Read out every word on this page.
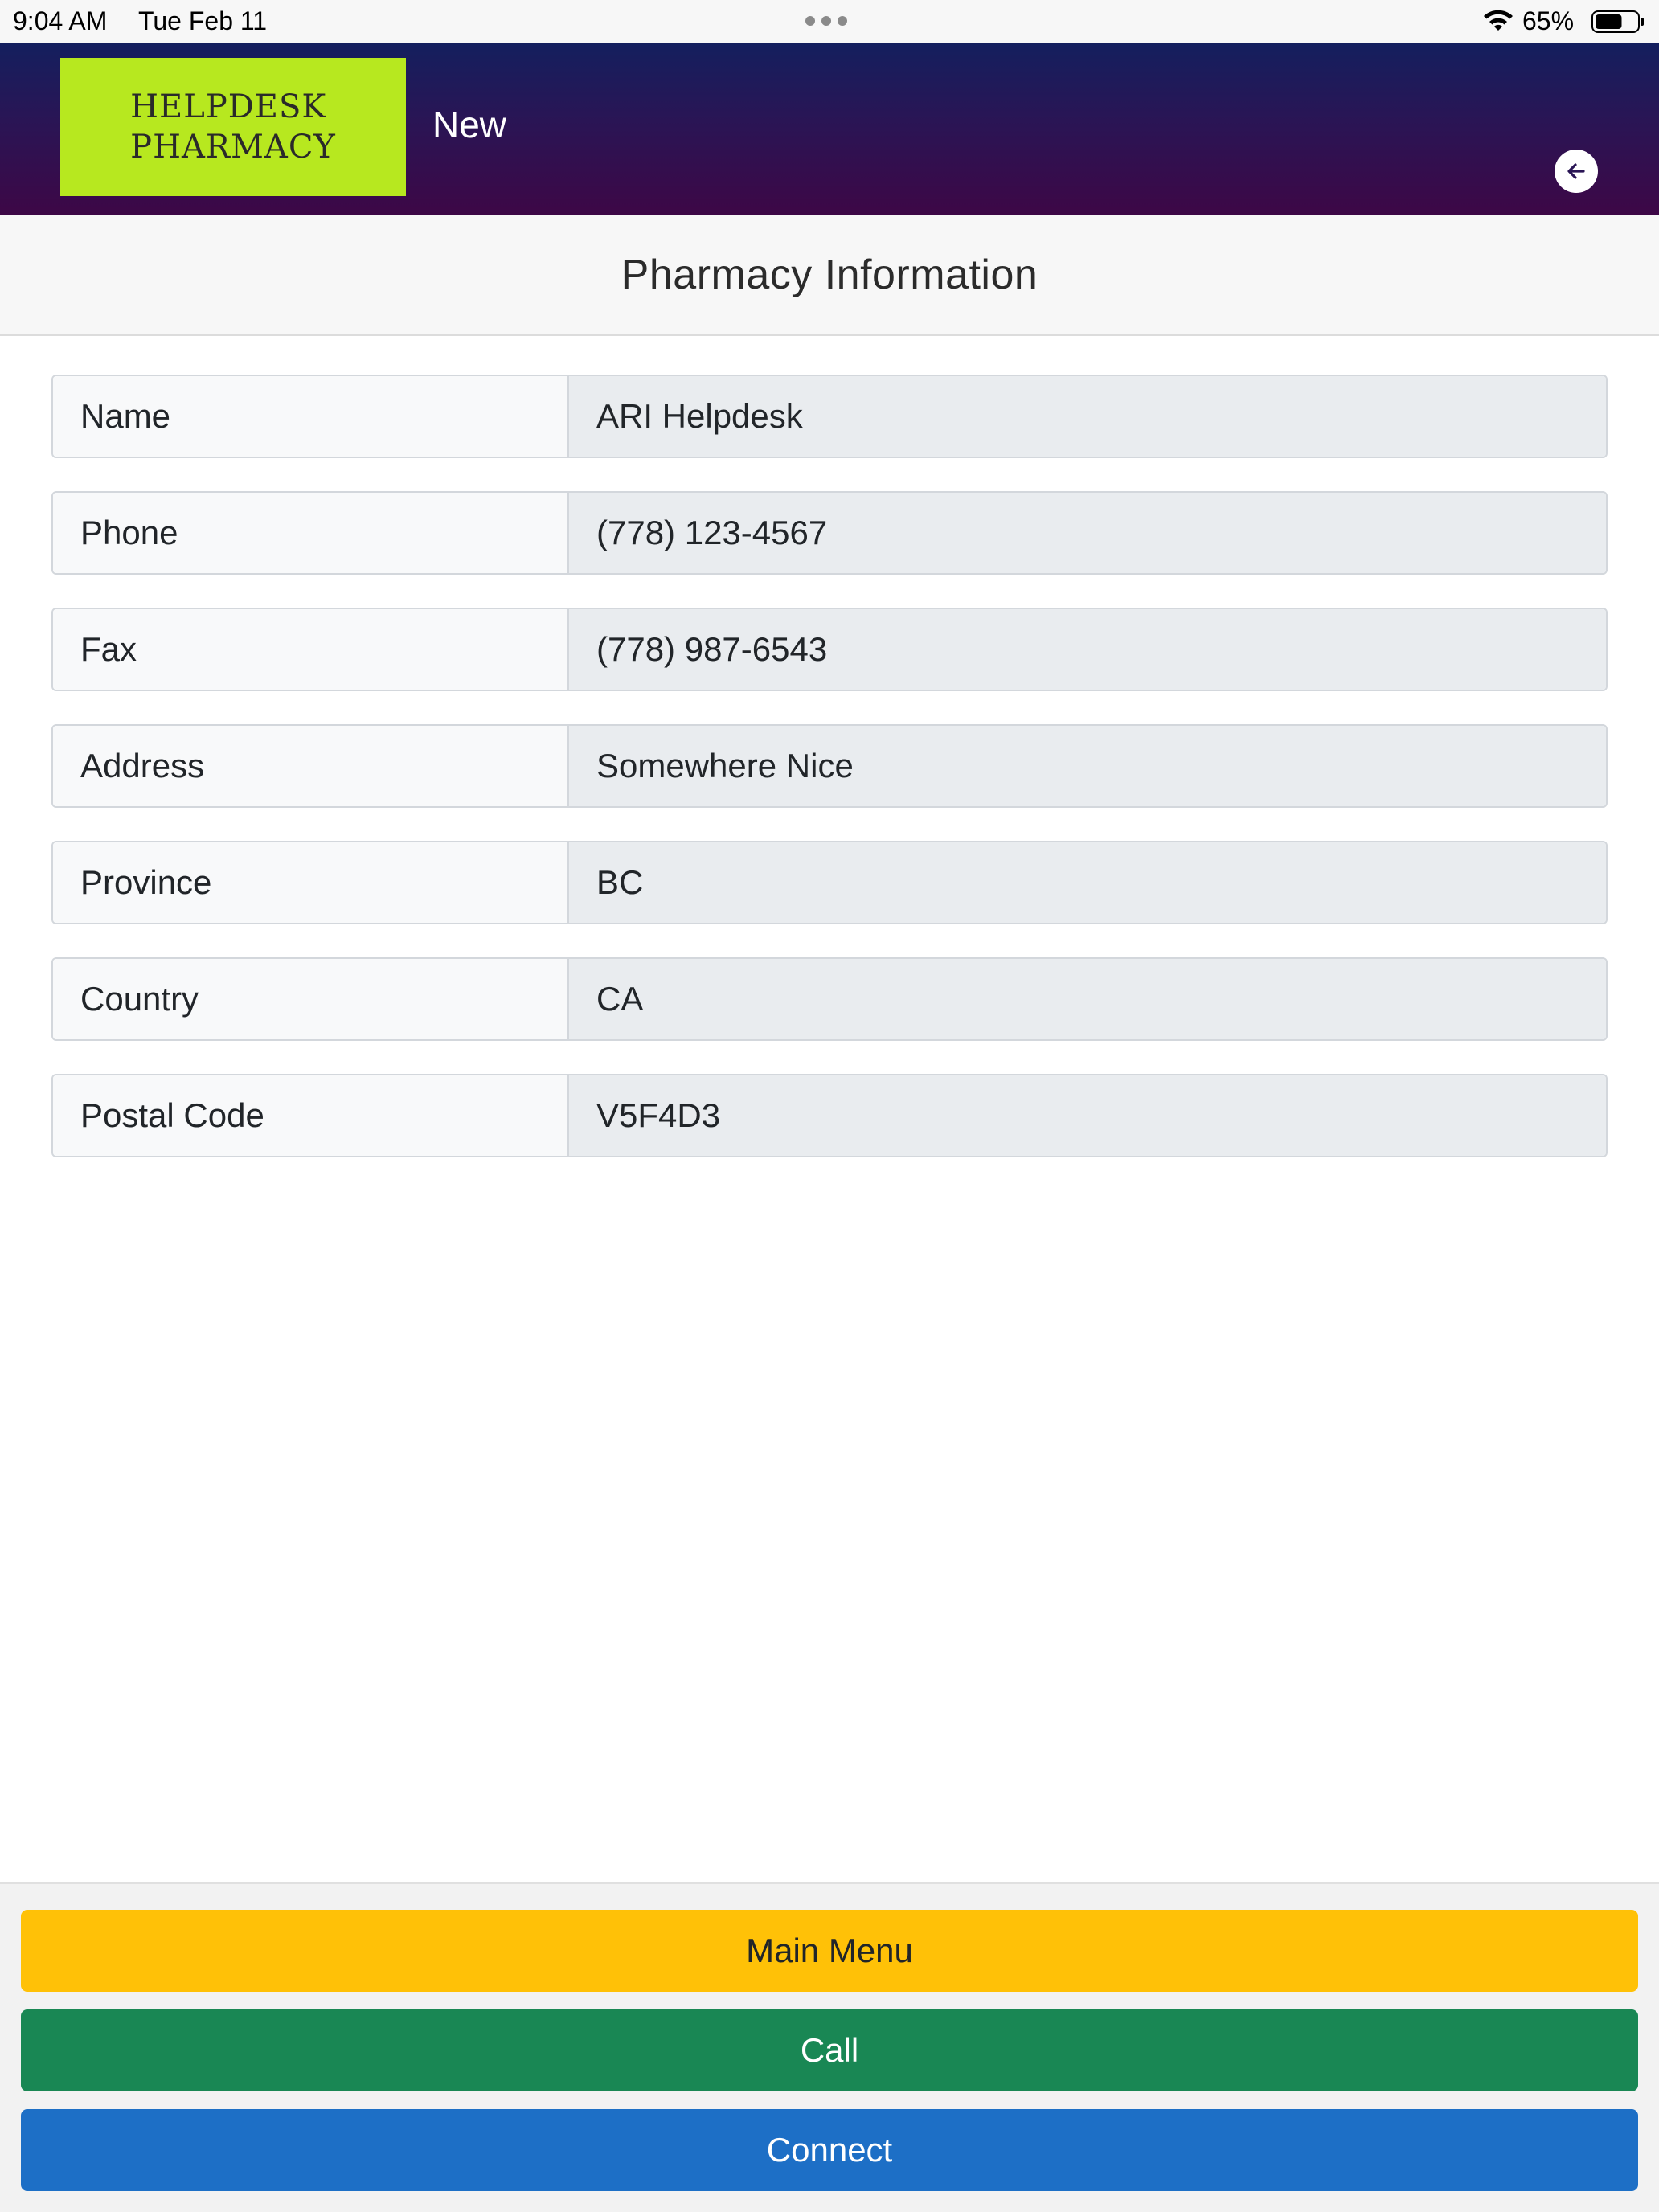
9:04 AM Tue Feb 11	65%
HELPDESK
PHARMACY
New
Pharmacy Information
Name	ARI Helpdesk
Phone	(778) 123-4567
Fax	(778) 987-6543
Address	Somewhere Nice
Province	BC
Country	CA
Postal Code	V5F4D3
Main Menu
Call
Connect
